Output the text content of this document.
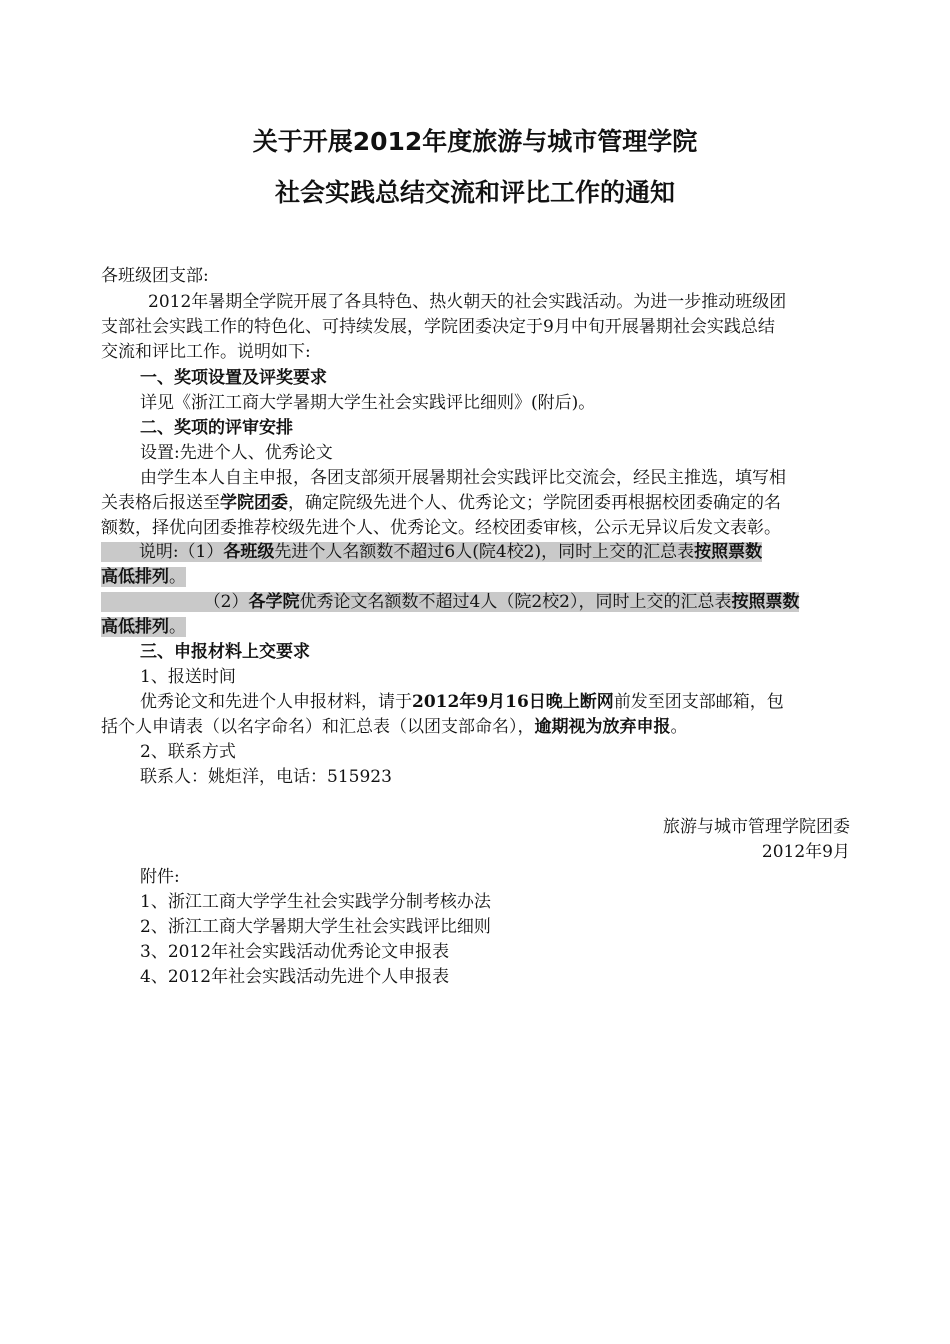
关于开展2012年度旅游与城市管理学院
社会实践总结交流和评比工作的通知
各班级团支部:
2012年暑期全学院开展了各具特色、热火朝天的社会实践活动。为进一步推动班级团
支部社会实践工作的特色化、可持续发展，学院团委决定于9月中旬开展暑期社会实践总结
交流和评比工作。说明如下:
一、奖项设置及评奖要求
详见《浙江工商大学暑期大学生社会实践评比细则》(附后)。
二、奖项的评审安排
设置:先进个人、优秀论文
由学生本人自主申报，各团支部须开展暑期社会实践评比交流会，经民主推选，填写相
关表格后报送至学院团委，确定院级先进个人、优秀论文；学院团委再根据校团委确定的名
额数，择优向团委推荐校级先进个人、优秀论文。经校团委审核，公示无异议后发文表彰。
说明:（1）各班级先进个人名额数不超过6人(院4校2)，同时上交的汇总表按照票数
高低排列。
（2）各学院优秀论文名额数不超过4人（院2校2），同时上交的汇总表按照票数
高低排列。
三、申报材料上交要求
1、报送时间
优秀论文和先进个人申报材料，请于2012年9月16日晚上断网前发至团支部邮箱，包
括个人申请表（以名字命名）和汇总表（以团支部命名），逾期视为放弃申报。
2、联系方式
联系人：姚炬洋，电话：515923
旅游与城市管理学院团委
2012年9月
附件:
1、浙江工商大学学生社会实践学分制考核办法
2、浙江工商大学暑期大学生社会实践评比细则
3、2012年社会实践活动优秀论文申报表
4、2012年社会实践活动先进个人申报表
